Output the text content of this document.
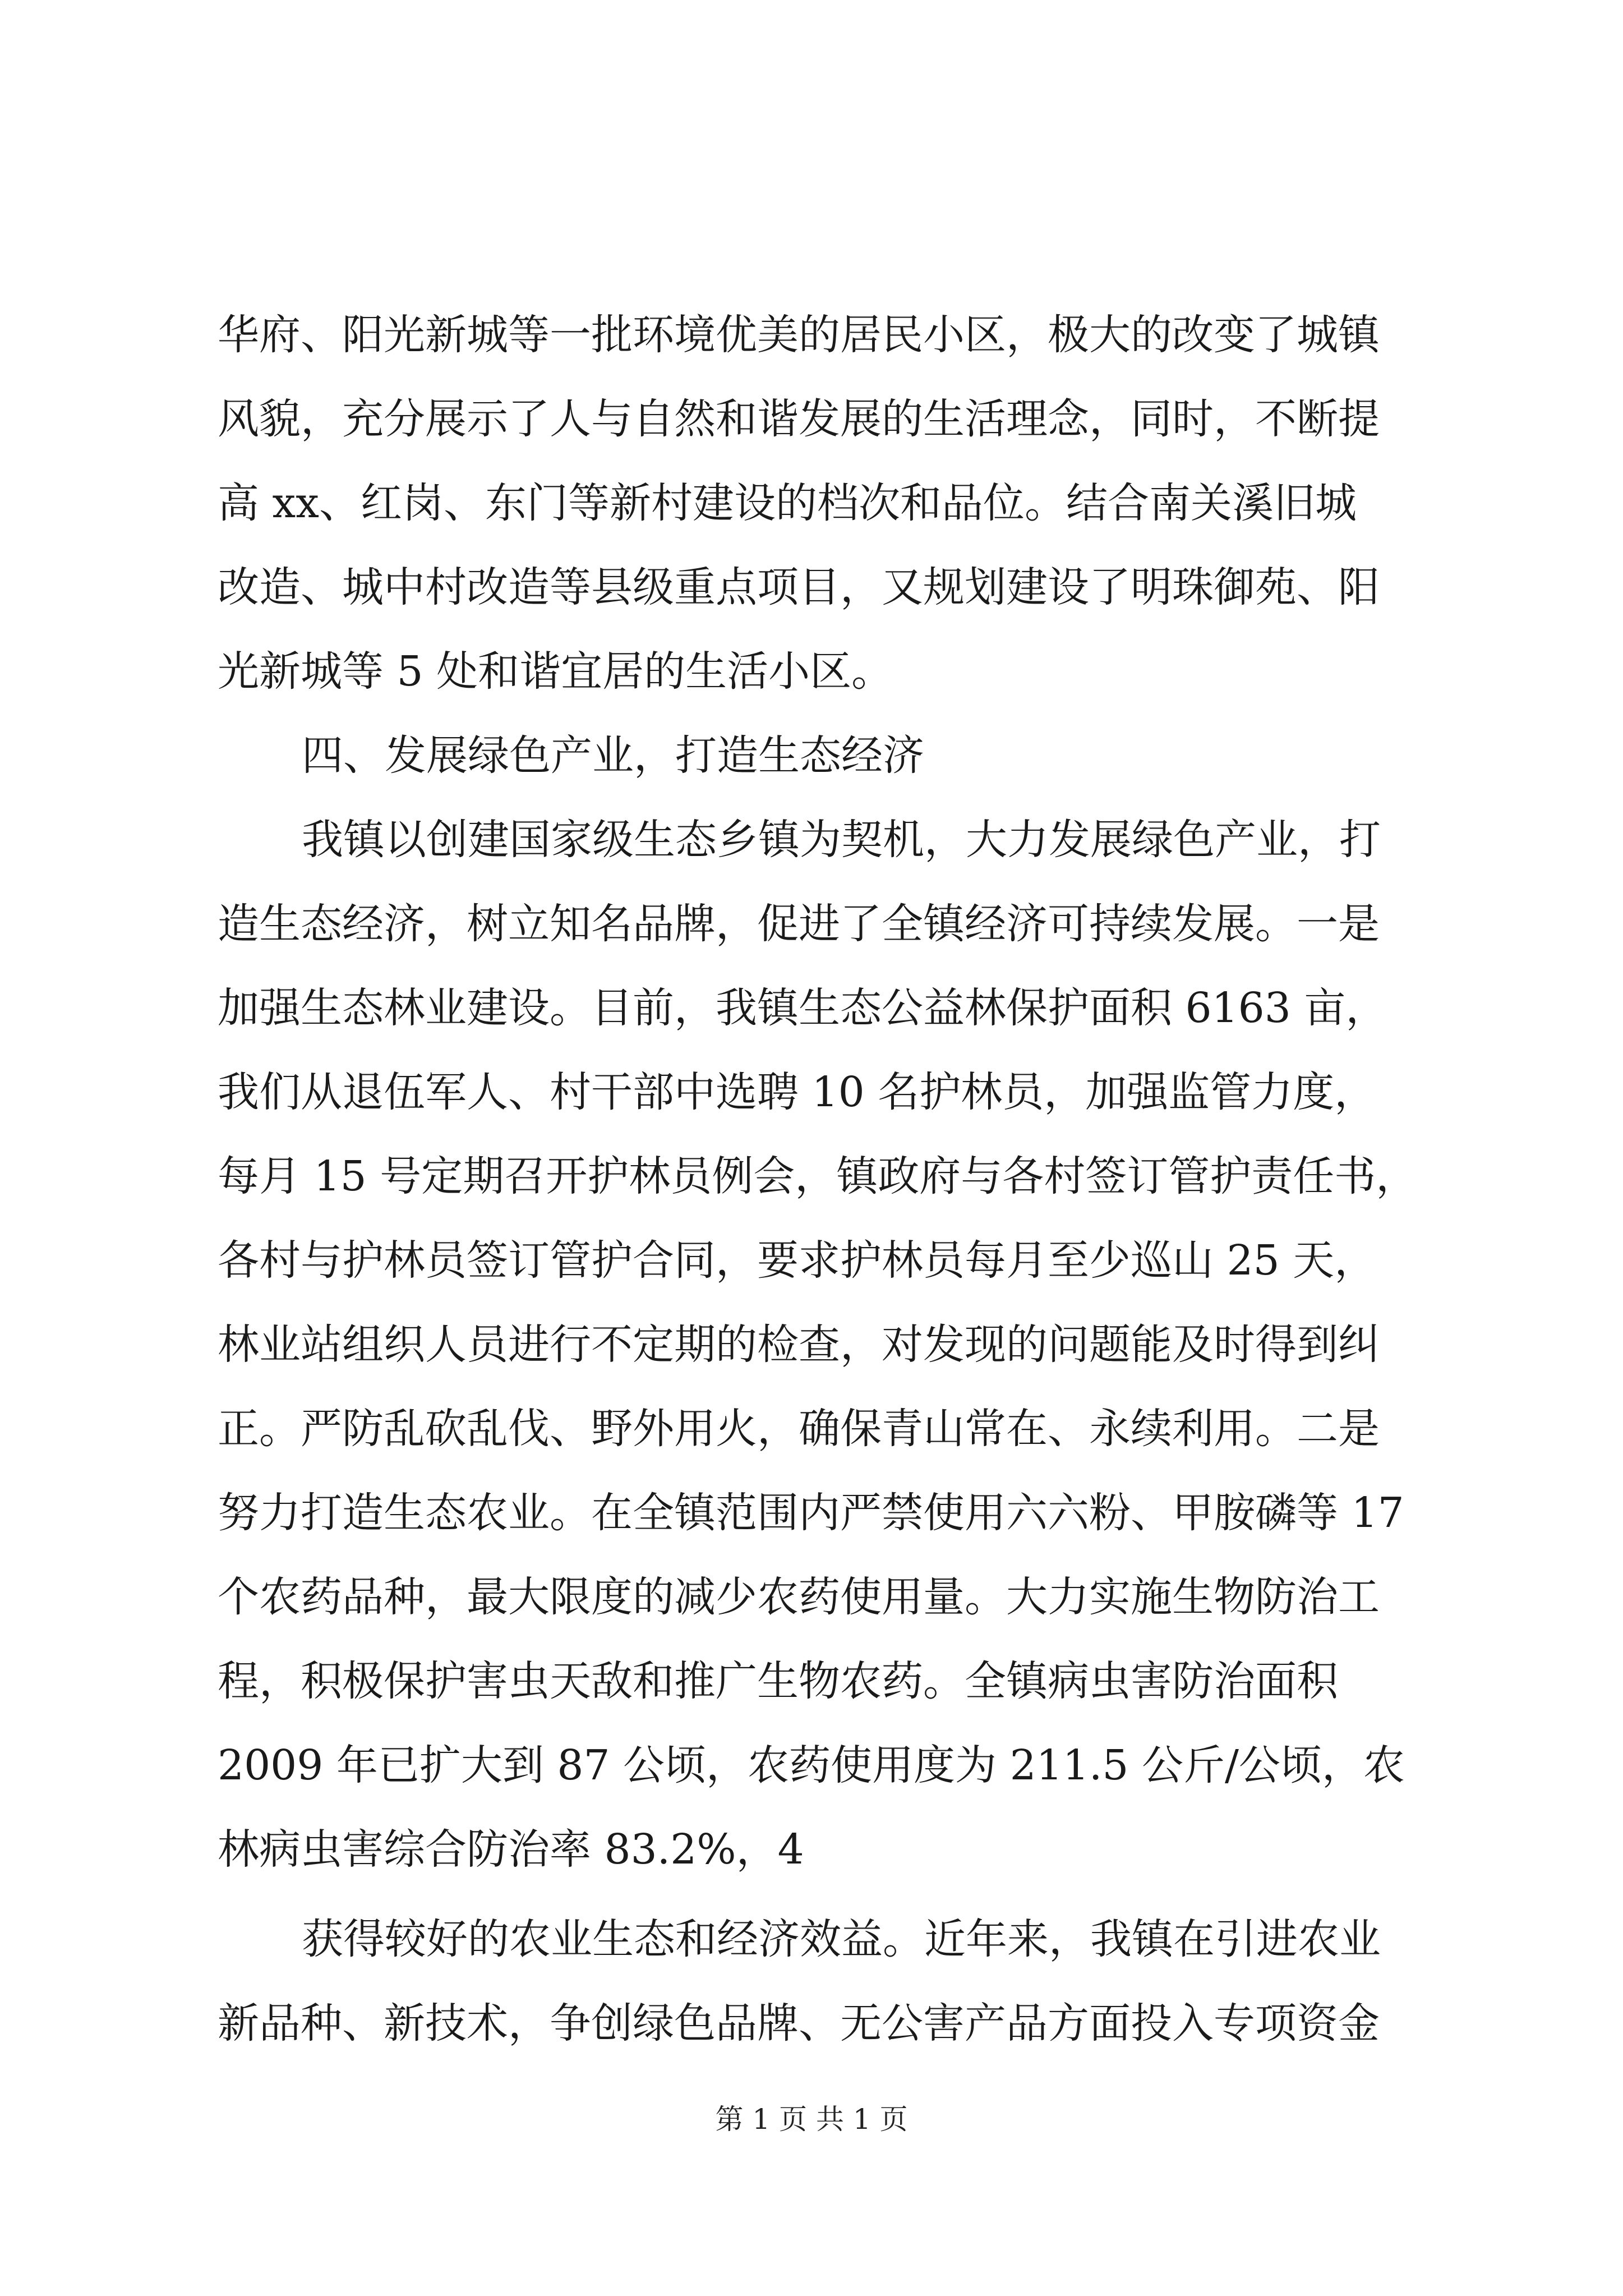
华府、阳光新城等一批环境优美的居民小区，极大的改变了城镇
风貌，充分展示了人与自然和谐发展的生活理念，同时，不断提
高 xx、红岗、东门等新村建设的档次和品位。结合南关溪旧城
改造、城中村改造等县级重点项目，又规划建设了明珠御苑、阳
光新城等 5 处和谐宜居的生活小区。
四、发展绿色产业，打造生态经济
我镇以创建国家级生态乡镇为契机，大力发展绿色产业，打
造生态经济，树立知名品牌，促进了全镇经济可持续发展。一是
加强生态林业建设。目前，我镇生态公益林保护面积 6163 亩，
我们从退伍军人、村干部中选聘 10 名护林员，加强监管力度，
每月 15 号定期召开护林员例会，镇政府与各村签订管护责任书，
各村与护林员签订管护合同，要求护林员每月至少巡山 25 天，
林业站组织人员进行不定期的检查，对发现的问题能及时得到纠
正。严防乱砍乱伐、野外用火，确保青山常在、永续利用。二是
努力打造生态农业。在全镇范围内严禁使用六六粉、甲胺磷等 17
个农药品种，最大限度的减少农药使用量。大力实施生物防治工
程，积极保护害虫天敌和推广生物农药。全镇病虫害防治面积
2009 年已扩大到 87 公顷，农药使用度为 211.5 公斤/公顷，农
林病虫害综合防治率 83.2%，4
获得较好的农业生态和经济效益。近年来，我镇在引进农业
新品种、新技术，争创绿色品牌、无公害产品方面投入专项资金
第 1 页 共 1 页
